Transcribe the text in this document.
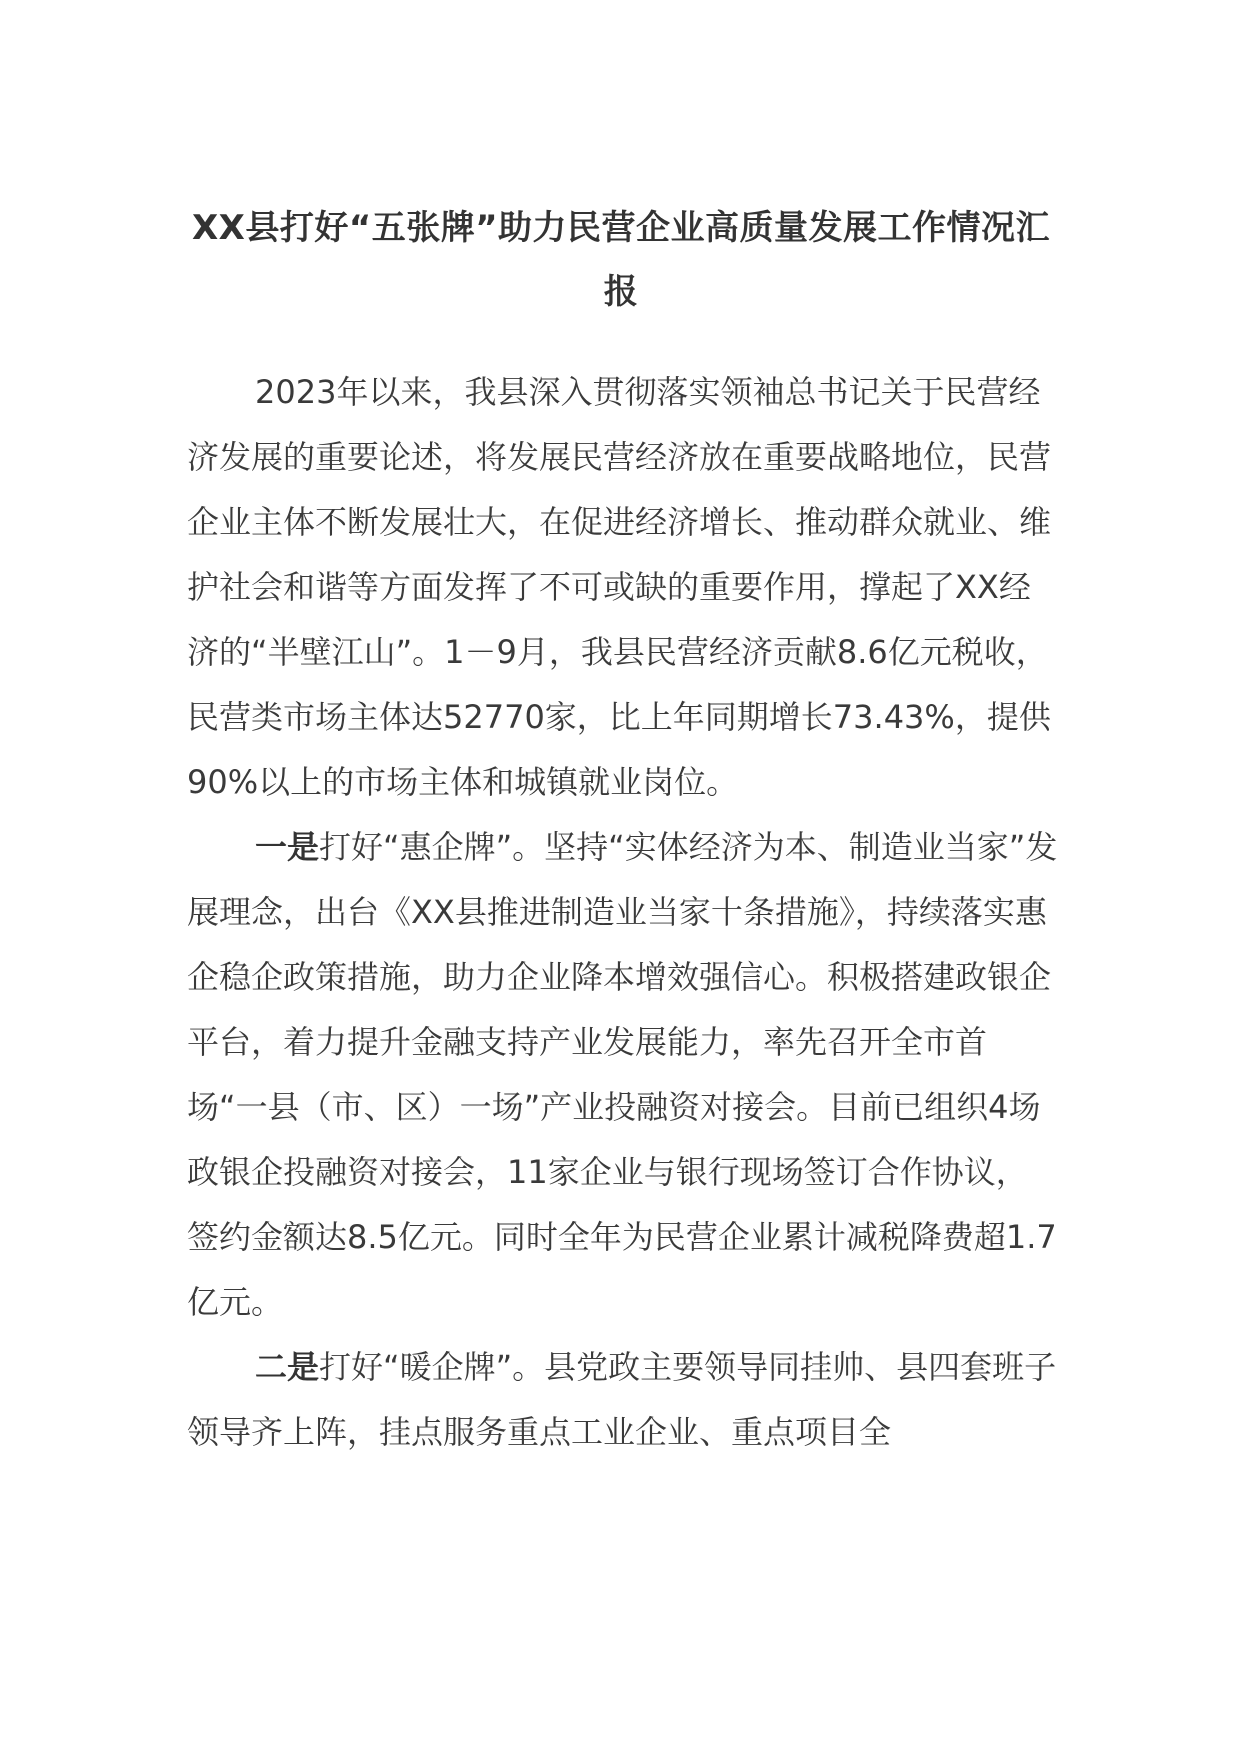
XX县打好“五张牌”助力民营企业高质量发展工作情况汇报

2023年以来，我县深入贯彻落实领袖总书记关于民营经济发展的重要论述，将发展民营经济放在重要战略地位，民营企业主体不断发展壮大，在促进经济增长、推动群众就业、维护社会和谐等方面发挥了不可或缺的重要作用，撑起了XX经济的“半壁江山”。1－9月，我县民营经济贡献8.6亿元税收，民营类市场主体达52770家，比上年同期增长73.43%，提供90%以上的市场主体和城镇就业岗位。

一是打好“惠企牌”。坚持“实体经济为本、制造业当家”发展理念，出台《XX县推进制造业当家十条措施》，持续落实惠企稳企政策措施，助力企业降本增效强信心。积极搭建政银企平台，着力提升金融支持产业发展能力，率先召开全市首场“一县（市、区）一场”产业投融资对接会。目前已组织4场政银企投融资对接会，11家企业与银行现场签订合作协议，签约金额达8.5亿元。同时全年为民营企业累计减税降费超1.7亿元。

二是打好“暖企牌”。县党政主要领导同挂帅、县四套班子领导齐上阵，挂点服务重点工业企业、重点项目全
